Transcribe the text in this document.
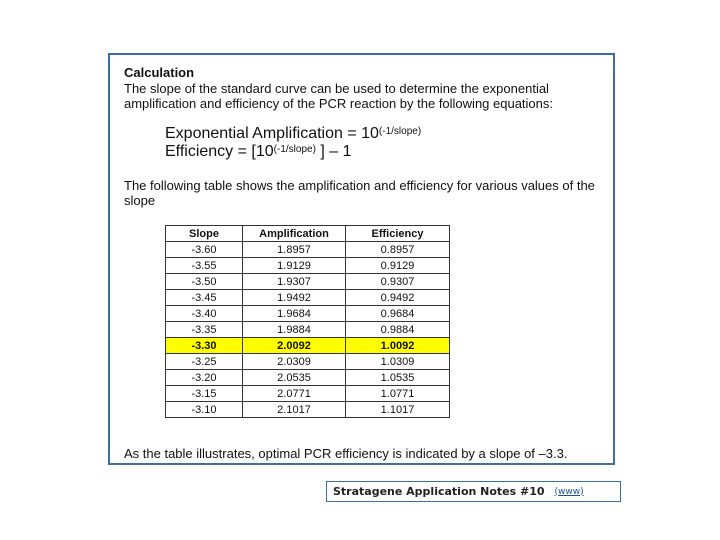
Calculation
The slope of the standard curve can be used to determine the exponential amplification and efficiency of the PCR reaction by the following equations:
Exponential Amplification = $10^{(-1/slope)}$
Efficiency = [$10^{(-1/slope)}$ ] – 1
The following table shows the amplification and efficiency for various values of the slope
Slope	Amplification	Efficiency
-3.60	1.8957	0.8957
-3.55	1.9129	0.9129
-3.50	1.9307	0.9307
-3.45	1.9492	0.9492
-3.40	1.9684	0.9684
-3.35	1.9884	0.9884
-3.30	2.0092	1.0092
-3.25	2.0309	1.0309
-3.20	2.0535	1.0535
-3.15	2.0771	1.0771
-3.10	2.1017	1.1017
As the table illustrates, optimal PCR efficiency is indicated by a slope of –3.3.
Stratagene Application Notes #10 (www)
